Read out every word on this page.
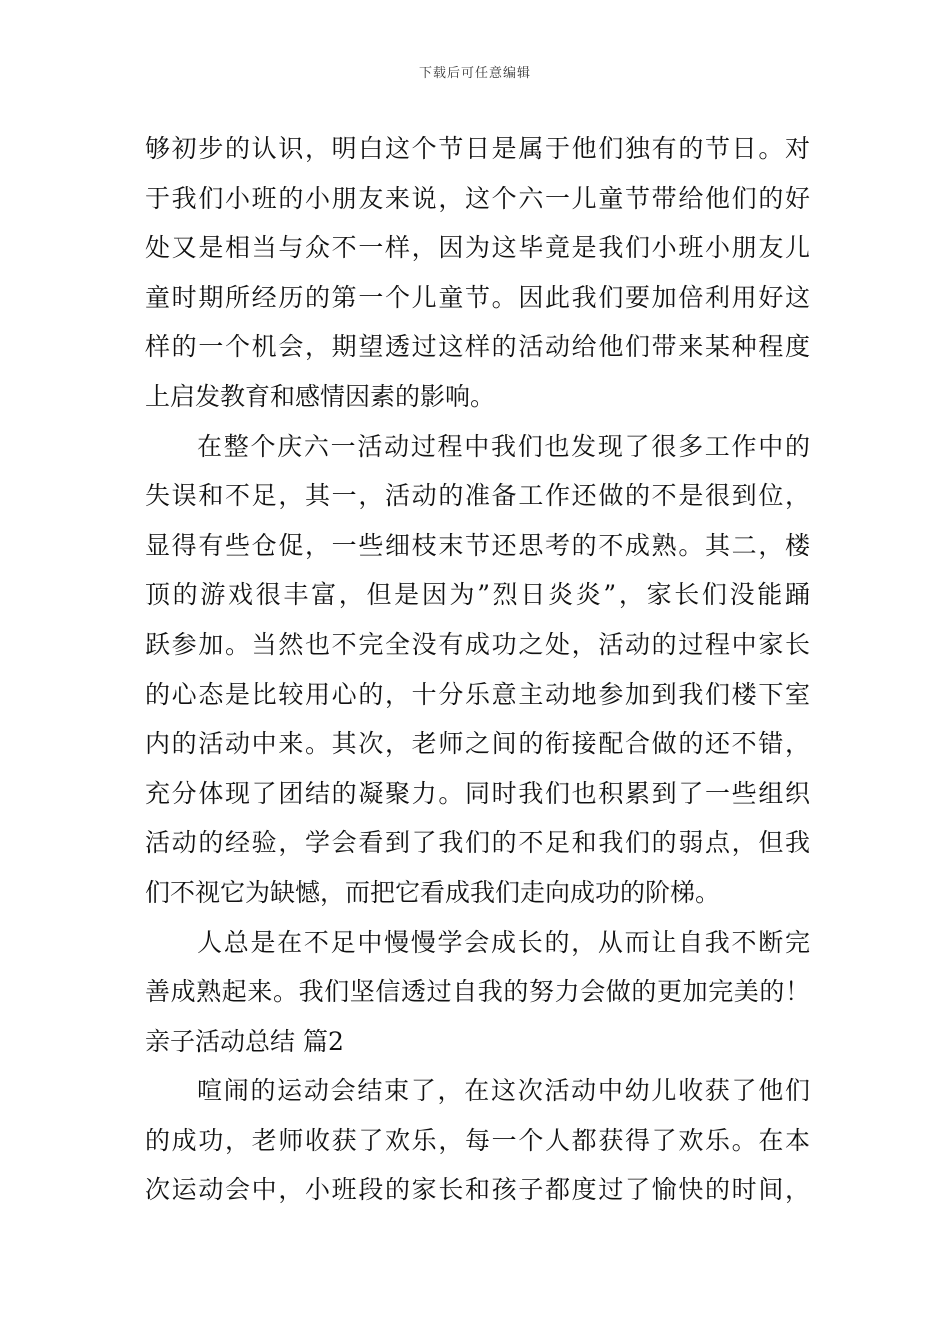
下载后可任意编辑
够初步的认识，明白这个节日是属于他们独有的节日。对
于我们小班的小朋友来说，这个六一儿童节带给他们的好
处又是相当与众不一样，因为这毕竟是我们小班小朋友儿
童时期所经历的第一个儿童节。因此我们要加倍利用好这
样的一个机会，期望透过这样的活动给他们带来某种程度
上启发教育和感情因素的影响。
在整个庆六一活动过程中我们也发现了很多工作中的
失误和不足，其一，活动的准备工作还做的不是很到位，
显得有些仓促，一些细枝末节还思考的不成熟。其二，楼
顶的游戏很丰富，但是因为”烈日炎炎”，家长们没能踊
跃参加。当然也不完全没有成功之处，活动的过程中家长
的心态是比较用心的，十分乐意主动地参加到我们楼下室
内的活动中来。其次，老师之间的衔接配合做的还不错，
充分体现了团结的凝聚力。同时我们也积累到了一些组织
活动的经验，学会看到了我们的不足和我们的弱点，但我
们不视它为缺憾，而把它看成我们走向成功的阶梯。
人总是在不足中慢慢学会成长的，从而让自我不断完
善成熟起来。我们坚信透过自我的努力会做的更加完美的！
亲子活动总结 篇2
喧闹的运动会结束了，在这次活动中幼儿收获了他们
的成功，老师收获了欢乐，每一个人都获得了欢乐。在本
次运动会中，小班段的家长和孩子都度过了愉快的时间，
